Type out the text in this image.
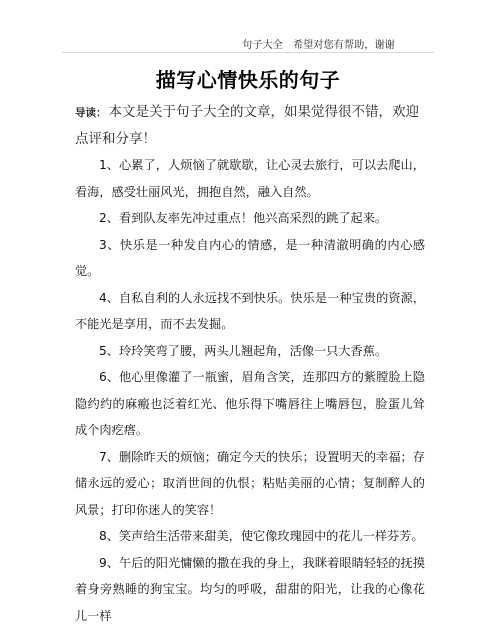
句子大全 希望对您有帮助，谢谢
描写心情快乐的句子

导读： 本文是关于句子大全的文章，如果觉得很不错，欢迎点评和分享！

1、心累了，人烦恼了就歇歇，让心灵去旅行，可以去爬山，看海，感受壮丽风光，拥抱自然，融入自然。

2、看到队友率先冲过重点！他兴高采烈的跳了起来。

3、快乐是一种发自内心的情感，是一种清澈明确的内心感觉。

4、自私自利的人永远找不到快乐。快乐是一种宝贵的资源，不能光是享用，而不去发掘。

5、玲玲笑弯了腰，两头儿翘起角，活像一只大香蕉。

6、他心里像灌了一瓶蜜，眉角含笑，连那四方的紫膛脸上隐隐约约的麻瘢也泛着红光、他乐得下嘴唇往上嘴唇包，脸蛋儿耸成个肉疙瘩。

7、删除昨天的烦恼；确定今天的快乐；设置明天的幸福；存储永远的爱心；取消世间的仇恨；粘贴美丽的心情；复制醉人的风景；打印你迷人的笑容！

8、笑声给生活带来甜美，使它像玫瑰园中的花儿一样芬芳。

9、午后的阳光慵懒的撒在我的身上，我眯着眼睛轻轻的抚摸着身旁熟睡的狗宝宝。均匀的呼吸，甜甜的阳光，让我的心像花儿一样
